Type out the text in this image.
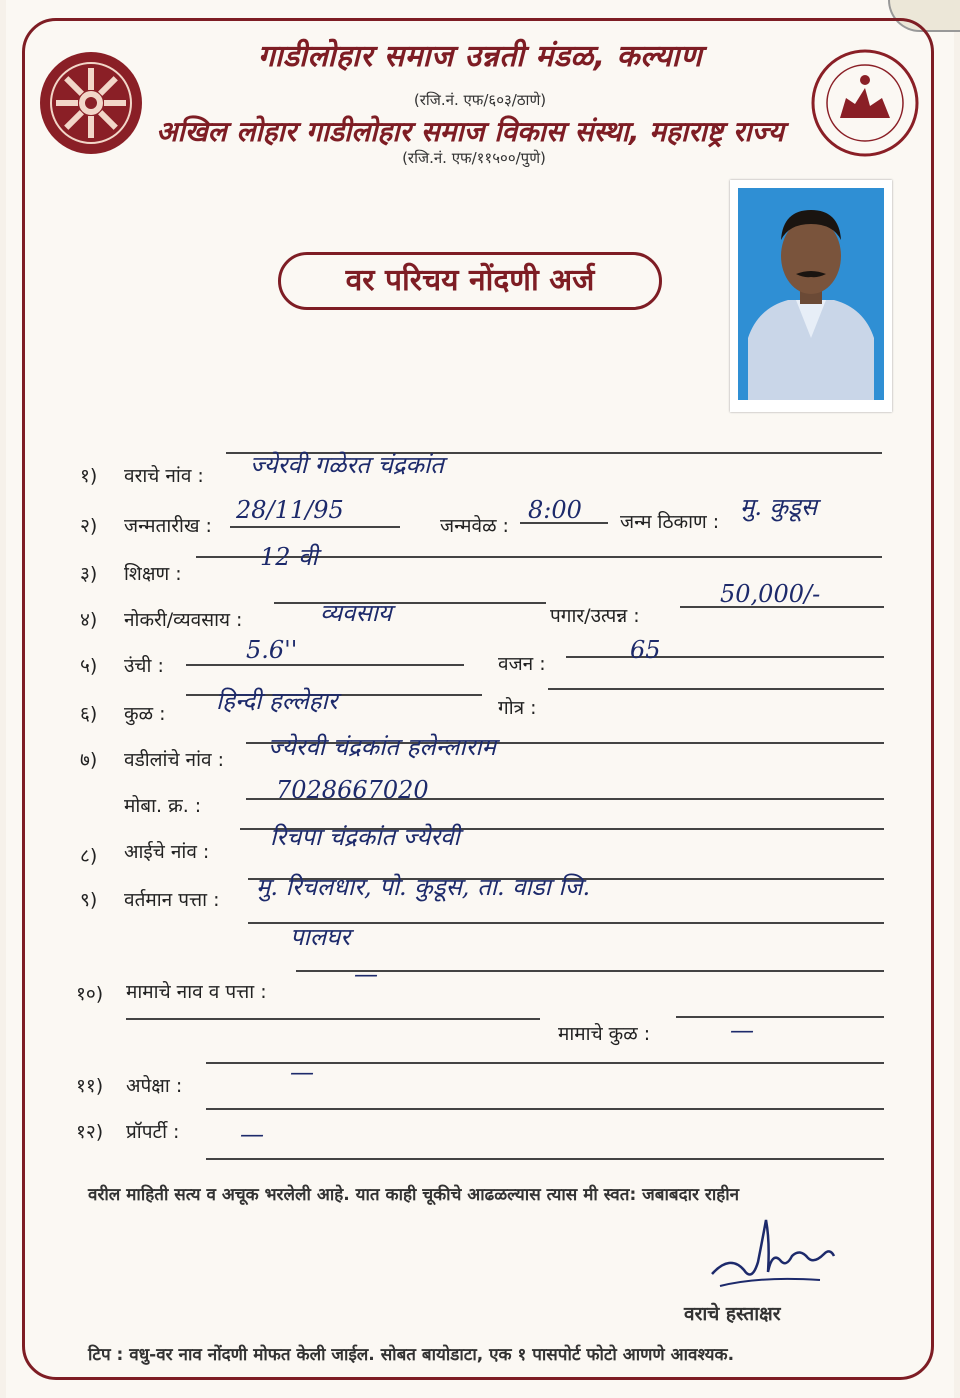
गाडीलोहार समाज उन्नती मंडळ, कल्याण
(रजि.नं. एफ/६०३/ठाणे)
अखिल लोहार गाडीलोहार समाज विकास संस्था, महाराष्ट्र राज्य
(रजि.नं. एफ/११५००/पुणे)
वर परिचय नोंदणी अर्ज
१) वराचे नांव : ज्येरवी गळेरत चंद्रकांत
२) जन्मतारीख :
28/11/95
जन्मवेळ :
8:00 जन्म ठिकाण :
मु. कुडूस
३) शिक्षण :
12 वी
४) नोकरी/व्यवसाय :	व्यवसाय	पगार/उत्पन्न :
50,000/-
५) उंची :
5.6''	वजन :	65
६) कुळ : हिन्दी हल्लेहार	गोत्र :
७) वडीलांचे नांव : ज्येरवी चंद्रकांत हलेन्लाराम
मोबा. क्र. :
7028667020
८) आईचे नांव :
रिचपा चंद्रकांत ज्येरवी
९) वर्तमान पत्ता : मु. रिचलधार, पो. कुडूस, ता. वाडा जि.
पालघर
१०) मामाचे नाव व पत्ता :
—
मामाचे कुळ :	—
११) अपेक्षा :	—
१२) प्रॉपर्टी :	—
वरील माहिती सत्य व अचूक भरलेली आहे. यात काही चूकीचे आढळल्यास त्यास मी स्वत: जबाबदार राहीन
वराचे हस्ताक्षर
टिप : वधु-वर नाव नोंदणी मोफत केली जाईल. सोबत बायोडाटा, एक १ पासपोर्ट फोटो आणणे आवश्यक.
